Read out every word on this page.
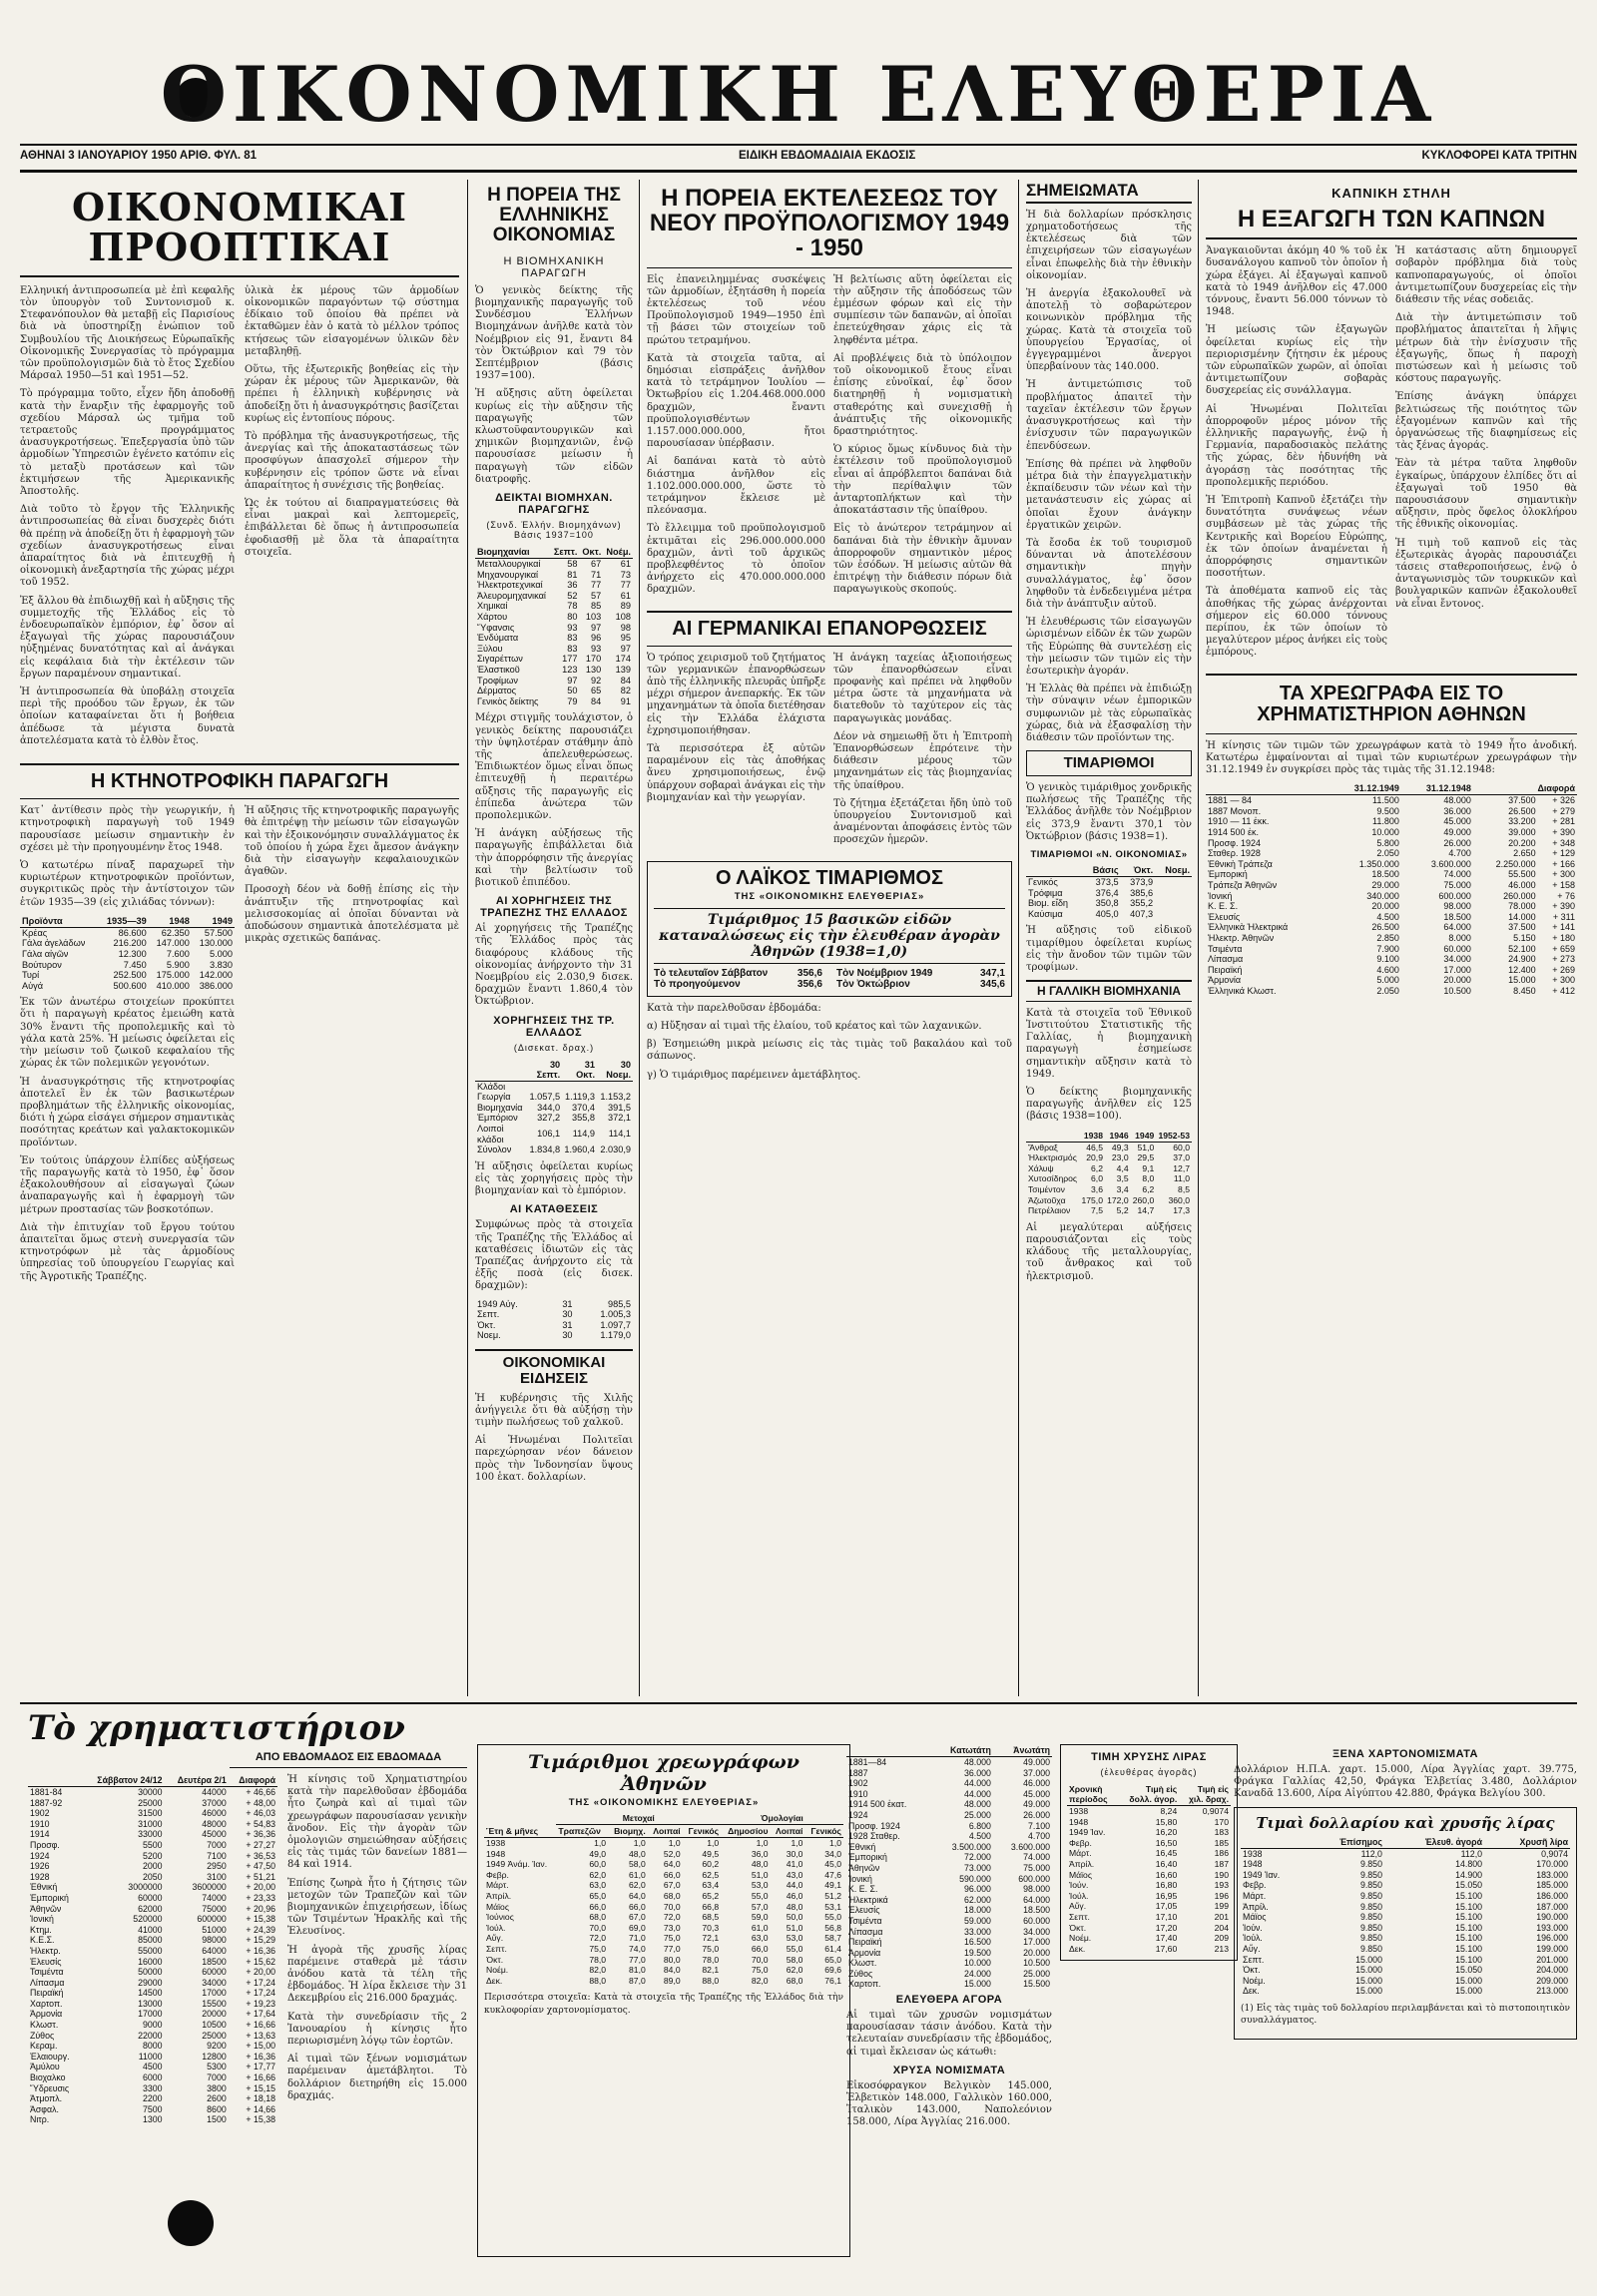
ΟΙΚΟΝΟΜΙΚΗ ΕΛΕΥΘΕΡΙΑ
ΑΘΗΝΑΙ 3 ΙΑΝΟΥΑΡΙΟΥ 1950 ΑΡΙΘ. ΦΥΛ. 81	ΕΙΔΙΚΗ ΕΒΔΟΜΑΔΙΑΙΑ ΕΚΔΟΣΙΣ	ΚΥΚΛΟΦΟΡΕΙ ΚΑΤΑ ΤΡΙΤΗΝ
ΟΙΚΟΝΟΜΙΚΑΙ ΠΡΟΟΠΤΙΚΑΙ

Ελληνική ἀντιπροσωπεία μὲ ἐπὶ κεφαλῆς τὸν ὑπουργὸν τοῦ Συντονισμοῦ κ. Στεφανόπουλον θὰ μεταβῇ εἰς Παρισίους διὰ νὰ ὑποστηρίξῃ ἐνώπιον τοῦ Συμβουλίου τῆς Διοικήσεως Εὐρωπαϊκῆς Οἰκονομικῆς Συνεργασίας τὸ πρόγραμμα τῶν προϋπολογισμῶν διὰ τὸ ἔτος Σχεδίου Μάρσαλ 1950—51 καὶ 1951—52.

Τὸ πρόγραμμα τοῦτο, εἶχεν ἤδη ἀποδοθῇ κατὰ τὴν ἔναρξιν τῆς ἐφαρμογῆς τοῦ σχεδίου Μάρσαλ ὡς τμῆμα τοῦ τετραετοῦς προγράμματος ἀνασυγκροτήσεως. Ἐπεξεργασία ὑπὸ τῶν ἁρμοδίων Ὑπηρεσιῶν ἐγένετο κατόπιν εἰς τὸ μεταξὺ προτάσεων καὶ τῶν ἐκτιμήσεων τῆς Ἀμερικανικῆς Ἀποστολῆς.

Διὰ τοῦτο τὸ ἔργον τῆς Ἑλληνικῆς ἀντιπροσωπείας θὰ εἶναι δυσχερὲς διότι θὰ πρέπῃ νὰ ἀποδείξῃ ὅτι ἡ ἐφαρμογὴ τῶν σχεδίων ἀνασυγκροτήσεως εἶναι ἀπαραίτητος διὰ νὰ ἐπιτευχθῇ ἡ οἰκονομικὴ ἀνεξαρτησία τῆς χώρας μέχρι τοῦ 1952.

Ἐξ ἄλλου θὰ ἐπιδιωχθῇ καὶ ἡ αὔξησις τῆς συμμετοχῆς τῆς Ἑλλάδος εἰς τὸ ἐνδοευρωπαϊκὸν ἐμπόριον, ἐφ᾿ ὅσον αἱ ἐξαγωγαὶ τῆς χώρας παρουσιάζουν ηὐξημένας δυνατότητας καὶ αἱ ἀνάγκαι εἰς κεφάλαια διὰ τὴν ἐκτέλεσιν τῶν ἔργων παραμένουν σημαντικαί.

Ἡ ἀντιπροσωπεία θὰ ὑποβάλῃ στοιχεῖα περὶ τῆς προόδου τῶν ἔργων, ἐκ τῶν ὁποίων καταφαίνεται ὅτι ἡ βοήθεια ἀπέδωσε τὰ μέγιστα δυνατὰ ἀποτελέσματα κατὰ τὸ ἐλθὸν ἔτος.

ὑλικὰ ἐκ μέρους τῶν ἀρμοδίων οἰκονομικῶν παραγόντων τῷ σύστημα ἐδίκαιο τοῦ ὁποίου θὰ πρέπει νὰ ἐκταθῶμεν ἐὰν ὁ κατὰ τὸ μέλλον τρόπος κτήσεως τῶν εἰσαγομένων ὑλικῶν δὲν μεταβληθῇ.

Οὕτω, τῆς ἐξωτερικῆς βοηθείας εἰς τὴν χώραν ἐκ μέρους τῶν Ἀμερικανῶν, θὰ πρέπει ἡ ἑλληνικὴ κυβέρνησις νὰ ἀποδείξῃ ὅτι ἡ ἀνασυγκρότησις βασίζεται κυρίως εἰς ἐντοπίους πόρους.

Τὸ πρόβλημα τῆς ἀνασυγκροτήσεως, τῆς ἀνεργίας καὶ τῆς ἀποκαταστάσεως τῶν προσφύγων ἀπασχολεῖ σήμερον τὴν κυβέρνησιν εἰς τρόπον ὥστε νὰ εἶναι ἀπαραίτητος ἡ συνέχισις τῆς βοηθείας.

Ὡς ἐκ τούτου αἱ διαπραγματεύσεις θὰ εἶναι μακραὶ καὶ λεπτομερεῖς, ἐπιβάλλεται δὲ ὅπως ἡ ἀντιπροσωπεία ἐφοδιασθῇ μὲ ὅλα τὰ ἀπαραίτητα στοιχεῖα.

Η ΚΤΗΝΟΤΡΟΦΙΚΗ ΠΑΡΑΓΩΓΗ

Κατ᾿ ἀντίθεσιν πρὸς τὴν γεωργικήν, ἡ κτηνοτροφικὴ παραγωγὴ τοῦ 1949 παρουσίασε μείωσιν σημαντικὴν ἐν σχέσει μὲ τὴν προηγουμένην ἔτος 1948.

Ὁ κατωτέρω πίναξ παραχωρεῖ τὴν κυριωτέρων κτηνοτροφικῶν προϊόντων, συγκριτικῶς πρὸς τὴν ἀντίστοιχον τῶν ἐτῶν 1935—39 (εἰς χιλιάδας τόννων):

Προϊόντα	1935—39	1948	1949
Κρέας	86.600	62.350	57.500
Γάλα ἀγελάδων	216.200	147.000	130.000
Γάλα αἰγῶν	12.300	7.600	5.000
Βούτυρον	7.450	5.900	3.830
Τυρί	252.500	175.000	142.000
Αὐγά	500.600	410.000	386.000

Ἐκ τῶν ἀνωτέρω στοιχείων προκύπτει ὅτι ἡ παραγωγὴ κρέατος ἐμειώθη κατὰ 30% ἔναντι τῆς προπολεμικῆς καὶ τὸ γάλα κατὰ 25%. Ἡ μείωσις ὀφείλεται εἰς τὴν μείωσιν τοῦ ζωικοῦ κεφαλαίου τῆς χώρας ἐκ τῶν πολεμικῶν γεγονότων.

Ἡ ἀνασυγκρότησις τῆς κτηνοτροφίας ἀποτελεῖ ἓν ἐκ τῶν βασικωτέρων προβλημάτων τῆς ἑλληνικῆς οἰκονομίας, διότι ἡ χώρα εἰσάγει σήμερον σημαντικὰς ποσότητας κρεάτων καὶ γαλακτοκομικῶν προϊόντων.

Ἐν τούτοις ὑπάρχουν ἐλπίδες αὐξήσεως τῆς παραγωγῆς κατὰ τὸ 1950, ἐφ᾿ ὅσον ἐξακολουθήσουν αἱ εἰσαγωγαὶ ζώων ἀναπαραγωγῆς καὶ ἡ ἐφαρμογὴ τῶν μέτρων προστασίας τῶν βοσκοτόπων.

Διὰ τὴν ἐπιτυχίαν τοῦ ἔργου τούτου ἀπαιτεῖται ὅμως στενὴ συνεργασία τῶν κτηνοτρόφων μὲ τὰς ἁρμοδίους ὑπηρεσίας τοῦ ὑπουργείου Γεωργίας καὶ τῆς Ἀγροτικῆς Τραπέζης.

Ἡ αὔξησις τῆς κτηνοτροφικῆς παραγωγῆς θὰ ἐπιτρέψῃ τὴν μείωσιν τῶν εἰσαγωγῶν καὶ τὴν ἐξοικονόμησιν συναλλάγματος ἐκ τοῦ ὁποίου ἡ χώρα ἔχει ἄμεσον ἀνάγκην διὰ τὴν εἰσαγωγὴν κεφαλαιουχικῶν ἀγαθῶν.

Προσοχὴ δέον νὰ δοθῇ ἐπίσης εἰς τὴν ἀνάπτυξιν τῆς πτηνοτροφίας καὶ μελισσοκομίας αἱ ὁποῖαι δύνανται νὰ ἀποδώσουν σημαντικὰ ἀποτελέσματα μὲ μικρὰς σχετικῶς δαπάνας.

Η ΠΟΡΕΙΑ ΤΗΣ ΕΛΛΗΝΙΚΗΣ ΟΙΚΟΝΟΜΙΑΣ
Η ΒΙΟΜΗΧΑΝΙΚΗ ΠΑΡΑΓΩΓΗ

Ὁ γενικὸς δείκτης τῆς βιομηχανικῆς παραγωγῆς τοῦ Συνδέσμου Ἑλλήνων Βιομηχάνων ἀνῆλθε κατὰ τὸν Νοέμβριον εἰς 91, ἔναντι 84 τὸν Ὀκτώβριον καὶ 79 τὸν Σεπτέμβριον (βάσις 1937=100).

Ἡ αὔξησις αὕτη ὀφείλεται κυρίως εἰς τὴν αὔξησιν τῆς παραγωγῆς τῶν κλωστοϋφαντουργικῶν καὶ χημικῶν βιομηχανιῶν, ἐνῷ παρουσίασε μείωσιν ἡ παραγωγὴ τῶν εἰδῶν διατροφῆς.

ΔΕΙΚΤΑΙ ΒΙΟΜΗΧΑΝ. ΠΑΡΑΓΩΓΗΣ
(Συνδ. Ἑλλήν. Βιομηχάνων) Βάσις 1937=100
Βιομηχανίαι	Σεπτ.	Οκτ.	Νοέμ.
Μεταλλουργικαί	58	67	61
Μηχανουργικαί	81	71	73
Ἠλεκτροτεχνικαί	36	77	77
Ἀλευρομηχανικαί	52	57	61
Χημικαί	78	85	89
Χάρτου	80	103	108
Ὕφανσις	93	97	98
Ἐνδύματα	83	96	95
Ξύλου	83	93	97
Σιγαρέττων	177	170	174
Ἐλαστικοῦ	123	130	139
Τροφίμων	97	92	84
Δέρματος	50	65	82
Γενικὸς δείκτης	79	84	91

Μέχρι στιγμῆς τουλάχιστον, ὁ γενικὸς δείκτης παρουσιάζει τὴν ὑψηλοτέραν στάθμην ἀπὸ τῆς ἀπελευθερώσεως. Ἐπιδιωκτέον ὅμως εἶναι ὅπως ἐπιτευχθῇ ἡ περαιτέρω αὔξησις τῆς παραγωγῆς εἰς ἐπίπεδα ἀνώτερα τῶν προπολεμικῶν.

Ἡ ἀνάγκη αὐξήσεως τῆς παραγωγῆς ἐπιβάλλεται διὰ τὴν ἀπορρόφησιν τῆς ἀνεργίας καὶ τὴν βελτίωσιν τοῦ βιοτικοῦ ἐπιπέδου.

ΑΙ ΧΟΡΗΓΗΣΕΙΣ ΤΗΣ ΤΡΑΠΕΖΗΣ ΤΗΣ ΕΛΛΑΔΟΣ

Αἱ χορηγήσεις τῆς Τραπέζης τῆς Ἑλλάδος πρὸς τὰς διαφόρους κλάδους τῆς οἰκονομίας ἀνήρχοντο τὴν 31 Νοεμβρίου εἰς 2.030,9 δισεκ. δραχμῶν ἔναντι 1.860,4 τὸν Ὀκτώβριον.

ΧΟΡΗΓΗΣΕΙΣ ΤΗΣ ΤΡ. ΕΛΛΑΔΟΣ
(Δισεκατ. δραχ.)
	30 Σεπτ.	31 Οκτ.	30 Νοεμ.
Κλάδοι			
Γεωργία	1.057,5	1.119,3	1.153,2
Βιομηχανία	344,0	370,4	391,5
Ἐμπόριον	327,2	355,8	372,1
Λοιποὶ κλάδοι	106,1	114,9	114,1
Σύνολον	1.834,8	1.960,4	2.030,9

Ἡ αὔξησις ὀφείλεται κυρίως εἰς τὰς χορηγήσεις πρὸς τὴν βιομηχανίαν καὶ τὸ ἐμπόριον.

ΑΙ ΚΑΤΑΘΕΣΕΙΣ

Συμφώνως πρὸς τὰ στοιχεῖα τῆς Τραπέζης τῆς Ἑλλάδος αἱ καταθέσεις ἰδιωτῶν εἰς τὰς Τραπέζας ἀνήρχοντο εἰς τὰ ἑξῆς ποσὰ (εἰς δισεκ. δραχμῶν):

1949 Αὐγ.	31	985,5
Σεπτ.	30	1.005,3
Ὀκτ.	31	1.097,7
Νοεμ.	30	1.179,0
ΟΙΚΟΝΟΜΙΚΑΙ ΕΙΔΗΣΕΙΣ

Ἡ κυβέρνησις τῆς Χιλῆς ἀνήγγειλε ὅτι θὰ αὐξήσῃ τὴν τιμὴν πωλήσεως τοῦ χαλκοῦ.

Αἱ Ἡνωμέναι Πολιτεῖαι παρεχώρησαν νέον δάνειον πρὸς τὴν Ἰνδονησίαν ὕψους 100 ἑκατ. δολλαρίων.

Η ΠΟΡΕΙΑ ΕΚΤΕΛΕΣΕΩΣ ΤΟΥ ΝΕΟΥ ΠΡΟΫΠΟΛΟΓΙΣΜΟΥ 1949 - 1950

Εἰς ἐπανειλημμένας συσκέψεις τῶν ἁρμοδίων, ἐξητάσθη ἡ πορεία ἐκτελέσεως τοῦ νέου Προϋπολογισμοῦ 1949—1950 ἐπὶ τῇ βάσει τῶν στοιχείων τοῦ πρώτου τετραμήνου.

Κατὰ τὰ στοιχεῖα ταῦτα, αἱ δημόσιαι εἰσπράξεις ἀνῆλθον κατὰ τὸ τετράμηνον Ἰουλίου — Ὀκτωβρίου εἰς 1.204.468.000.000 δραχμῶν, ἔναντι προϋπολογισθέντων 1.157.000.000.000, ἤτοι παρουσίασαν ὑπέρβασιν.

Αἱ δαπάναι κατὰ τὸ αὐτὸ διάστημα ἀνῆλθον εἰς 1.102.000.000.000, ὥστε τὸ τετράμηνον ἔκλεισε μὲ πλεόνασμα.

Τὸ ἔλλειμμα τοῦ προϋπολογισμοῦ ἐκτιμᾶται εἰς 296.000.000.000 δραχμῶν, ἀντὶ τοῦ ἀρχικῶς προβλεφθέντος τὸ ὁποῖον ἀνήρχετο εἰς 470.000.000.000 δραχμῶν.

Ἡ βελτίωσις αὕτη ὀφείλεται εἰς τὴν αὔξησιν τῆς ἀποδόσεως τῶν ἐμμέσων φόρων καὶ εἰς τὴν συμπίεσιν τῶν δαπανῶν, αἱ ὁποῖαι ἐπετεύχθησαν χάρις εἰς τὰ ληφθέντα μέτρα.

Αἱ προβλέψεις διὰ τὸ ὑπόλοιπον τοῦ οἰκονομικοῦ ἔτους εἶναι ἐπίσης εὐνοϊκαί, ἐφ᾿ ὅσον διατηρηθῇ ἡ νομισματικὴ σταθερότης καὶ συνεχισθῇ ἡ ἀνάπτυξις τῆς οἰκονομικῆς δραστηριότητος.

Ὁ κύριος ὅμως κίνδυνος διὰ τὴν ἐκτέλεσιν τοῦ προϋπολογισμοῦ εἶναι αἱ ἀπρόβλεπτοι δαπάναι διὰ τὴν περίθαλψιν τῶν ἀνταρτοπλήκτων καὶ τὴν ἀποκατάστασιν τῆς ὑπαίθρου.

Εἰς τὸ ἀνώτερον τετράμηνον αἱ δαπάναι διὰ τὴν ἐθνικὴν ἄμυναν ἀπορροφοῦν σημαντικὸν μέρος τῶν ἐσόδων. Ἡ μείωσις αὐτῶν θὰ ἐπιτρέψῃ τὴν διάθεσιν πόρων διὰ παραγωγικοὺς σκοπούς.

ΑΙ ΓΕΡΜΑΝΙΚΑΙ ΕΠΑΝΟΡΘΩΣΕΙΣ

Ὁ τρόπος χειρισμοῦ τοῦ ζητήματος τῶν γερμανικῶν ἐπανορθώσεων ἀπὸ τῆς ἑλληνικῆς πλευρᾶς ὑπῆρξε μέχρι σήμερον ἀνεπαρκής. Ἐκ τῶν μηχανημάτων τὰ ὁποῖα διετέθησαν εἰς τὴν Ἑλλάδα ἐλάχιστα ἐχρησιμοποιήθησαν.

Τὰ περισσότερα ἐξ αὐτῶν παραμένουν εἰς τὰς ἀποθήκας ἄνευ χρησιμοποιήσεως, ἐνῷ ὑπάρχουν σοβαραὶ ἀνάγκαι εἰς τὴν βιομηχανίαν καὶ τὴν γεωργίαν.

Ἡ ἀνάγκη ταχείας ἀξιοποιήσεως τῶν ἐπανορθώσεων εἶναι προφανὴς καὶ πρέπει νὰ ληφθοῦν μέτρα ὥστε τὰ μηχανήματα νὰ διατεθοῦν τὸ ταχύτερον εἰς τὰς παραγωγικὰς μονάδας.

Δέον νὰ σημειωθῇ ὅτι ἡ Ἐπιτροπὴ Ἐπανορθώσεων ἐπρότεινε τὴν διάθεσιν μέρους τῶν μηχανημάτων εἰς τὰς βιομηχανίας τῆς ὑπαίθρου.

Τὸ ζήτημα ἐξετάζεται ἤδη ὑπὸ τοῦ ὑπουργείου Συντονισμοῦ καὶ ἀναμένονται ἀποφάσεις ἐντὸς τῶν προσεχῶν ἡμερῶν.

Ο ΛΑΪΚΟΣ ΤΙΜΑΡΙΘΜΟΣ
ΤΗΣ «ΟΙΚΟΝΟΜΙΚΗΣ ΕΛΕΥΘΕΡΙΑΣ»
Τιμάριθμος 15 βασικῶν εἰδῶν καταναλώσεως εἰς τὴν ἐλευθέραν ἀγορὰν Ἀθηνῶν (1938=1,0)
Τὸ τελευταῖον Σάββατον	356,6
Τὸ προηγούμενον	356,6
Τὸν Νοέμβριον 1949	347,1
Τὸν Ὀκτώβριον	345,6

Κατὰ τὴν παρελθοῦσαν ἑβδομάδα:

α) Ηὔξησαν αἱ τιμαὶ τῆς ἐλαίου, τοῦ κρέατος καὶ τῶν λαχανικῶν.

β) Ἐσημειώθη μικρὰ μείωσις εἰς τὰς τιμὰς τοῦ βακαλάου καὶ τοῦ σάπωνος.

γ) Ὁ τιμάριθμος παρέμεινεν ἀμετάβλητος.

ΣΗΜΕΙΩΜΑΤΑ

Ἡ διὰ δολλαρίων πρόσκλησις χρηματοδοτήσεως τῆς ἐκτελέσεως διὰ τῶν ἐπιχειρήσεων τῶν εἰσαγωγέων εἶναι ἐπωφελὴς διὰ τὴν ἐθνικὴν οἰκονομίαν.

Ἡ ἀνεργία ἐξακολουθεῖ νὰ ἀποτελῇ τὸ σοβαρώτερον κοινωνικὸν πρόβλημα τῆς χώρας. Κατὰ τὰ στοιχεῖα τοῦ ὑπουργείου Ἐργασίας, οἱ ἐγγεγραμμένοι ἄνεργοι ὑπερβαίνουν τὰς 140.000.

Ἡ ἀντιμετώπισις τοῦ προβλήματος ἀπαιτεῖ τὴν ταχεῖαν ἐκτέλεσιν τῶν ἔργων ἀνασυγκροτήσεως καὶ τὴν ἐνίσχυσιν τῶν παραγωγικῶν ἐπενδύσεων.

Ἐπίσης θὰ πρέπει νὰ ληφθοῦν μέτρα διὰ τὴν ἐπαγγελματικὴν ἐκπαίδευσιν τῶν νέων καὶ τὴν μετανάστευσιν εἰς χώρας αἱ ὁποῖαι ἔχουν ἀνάγκην ἐργατικῶν χειρῶν.

Τὰ ἔσοδα ἐκ τοῦ τουρισμοῦ δύνανται νὰ ἀποτελέσουν σημαντικὴν πηγὴν συναλλάγματος, ἐφ᾿ ὅσον ληφθοῦν τὰ ἐνδεδειγμένα μέτρα διὰ τὴν ἀνάπτυξιν αὐτοῦ.

Ἡ ἐλευθέρωσις τῶν εἰσαγωγῶν ὡρισμένων εἰδῶν ἐκ τῶν χωρῶν τῆς Εὐρώπης θὰ συντελέσῃ εἰς τὴν μείωσιν τῶν τιμῶν εἰς τὴν ἐσωτερικὴν ἀγοράν.

Ἡ Ἑλλὰς θὰ πρέπει νὰ ἐπιδιώξῃ τὴν σύναψιν νέων ἐμπορικῶν συμφωνιῶν μὲ τὰς εὐρωπαϊκὰς χώρας, διὰ νὰ ἐξασφαλίσῃ τὴν διάθεσιν τῶν προϊόντων της.

ΤΙΜΑΡΙΘΜΟΙ

Ὁ γενικὸς τιμάριθμος χονδρικῆς πωλήσεως τῆς Τραπέζης τῆς Ἑλλάδος ἀνῆλθε τὸν Νοέμβριον εἰς 373,9 ἔναντι 370,1 τὸν Ὀκτώβριον (βάσις 1938=1).

ΤΙΜΑΡΙΘΜΟΙ «Ν. ΟΙΚΟΝΟΜΙΑΣ»
	Βάσις	Ὀκτ.	Νοεμ.
Γενικός	373,5	373,9	
Τρόφιμα	376,4	385,6	
Βιομ. εἴδη	350,8	355,2	
Καύσιμα	405,0	407,3	

Ἡ αὔξησις τοῦ εἰδικοῦ τιμαρίθμου ὀφείλεται κυρίως εἰς τὴν ἄνοδον τῶν τιμῶν τῶν τροφίμων.

Η ΓΑΛΛΙΚΗ ΒΙΟΜΗΧΑΝΙΑ

Κατὰ τὰ στοιχεῖα τοῦ Ἐθνικοῦ Ἰνστιτούτου Στατιστικῆς τῆς Γαλλίας, ἡ βιομηχανικὴ παραγωγὴ ἐσημείωσε σημαντικὴν αὔξησιν κατὰ τὸ 1949.

Ὁ δείκτης βιομηχανικῆς παραγωγῆς ἀνῆλθεν εἰς 125 (βάσις 1938=100).

	1938	1946	1949	1952-53
Ἄνθραξ	46,5	49,3	51,0	60,0
Ἠλεκτρισμός	20,9	23,0	29,5	37,0
Χάλυψ	6,2	4,4	9,1	12,7
Χυτοσίδηρος	6,0	3,5	8,0	11,0
Τσιμέντον	3,6	3,4	6,2	8,5
Ἀζωτοῦχα	175,0	172,0	260,0	360,0
Πετρέλαιον	7,5	5,2	14,7	17,3

Αἱ μεγαλύτεραι αὐξήσεις παρουσιάζονται εἰς τοὺς κλάδους τῆς μεταλλουργίας, τοῦ ἄνθρακος καὶ τοῦ ἠλεκτρισμοῦ.

ΚΑΠΝΙΚΗ ΣΤΗΛΗ
Η ΕΞΑΓΩΓΗ ΤΩΝ ΚΑΠΝΩΝ

Ἀναγκαιοῦνται ἀκόμη 40 % τοῦ ἐκ δυσανάλογου καπνοῦ τὸν ὁποῖον ἡ χώρα ἐξάγει. Αἱ ἐξαγωγαὶ καπνοῦ κατὰ τὸ 1949 ἀνῆλθον εἰς 47.000 τόννους, ἔναντι 56.000 τόννων τὸ 1948.

Ἡ μείωσις τῶν ἐξαγωγῶν ὀφείλεται κυρίως εἰς τὴν περιορισμένην ζήτησιν ἐκ μέρους τῶν εὐρωπαϊκῶν χωρῶν, αἱ ὁποῖαι ἀντιμετωπίζουν σοβαρὰς δυσχερείας εἰς συνάλλαγμα.

Αἱ Ἡνωμέναι Πολιτεῖαι ἀπορροφοῦν μέρος μόνον τῆς ἑλληνικῆς παραγωγῆς, ἐνῷ ἡ Γερμανία, παραδοσιακὸς πελάτης τῆς χώρας, δὲν ἠδυνήθη νὰ ἀγοράσῃ τὰς ποσότητας τῆς προπολεμικῆς περιόδου.

Ἡ Ἐπιτροπὴ Καπνοῦ ἐξετάζει τὴν δυνατότητα συνάψεως νέων συμβάσεων μὲ τὰς χώρας τῆς Κεντρικῆς καὶ Βορείου Εὐρώπης, ἐκ τῶν ὁποίων ἀναμένεται ἡ ἀπορρόφησις σημαντικῶν ποσοτήτων.

Τὰ ἀποθέματα καπνοῦ εἰς τὰς ἀποθήκας τῆς χώρας ἀνέρχονται σήμερον εἰς 60.000 τόννους περίπου, ἐκ τῶν ὁποίων τὸ μεγαλύτερον μέρος ἀνήκει εἰς τοὺς ἐμπόρους.

Ἡ κατάστασις αὕτη δημιουργεῖ σοβαρὸν πρόβλημα διὰ τοὺς καπνοπαραγωγούς, οἱ ὁποῖοι ἀντιμετωπίζουν δυσχερείας εἰς τὴν διάθεσιν τῆς νέας σοδειᾶς.

Διὰ τὴν ἀντιμετώπισιν τοῦ προβλήματος ἀπαιτεῖται ἡ λῆψις μέτρων διὰ τὴν ἐνίσχυσιν τῆς ἐξαγωγῆς, ὅπως ἡ παροχὴ πιστώσεων καὶ ἡ μείωσις τοῦ κόστους παραγωγῆς.

Ἐπίσης ἀνάγκη ὑπάρχει βελτιώσεως τῆς ποιότητος τῶν ἐξαγομένων καπνῶν καὶ τῆς ὀργανώσεως τῆς διαφημίσεως εἰς τὰς ξένας ἀγοράς.

Ἐὰν τὰ μέτρα ταῦτα ληφθοῦν ἐγκαίρως, ὑπάρχουν ἐλπίδες ὅτι αἱ ἐξαγωγαὶ τοῦ 1950 θὰ παρουσιάσουν σημαντικὴν αὔξησιν, πρὸς ὄφελος ὁλοκλήρου τῆς ἐθνικῆς οἰκονομίας.

Ἡ τιμὴ τοῦ καπνοῦ εἰς τὰς ἐξωτερικὰς ἀγορὰς παρουσιάζει τάσεις σταθεροποιήσεως, ἐνῷ ὁ ἀνταγωνισμὸς τῶν τουρκικῶν καὶ βουλγαρικῶν καπνῶν ἐξακολουθεῖ νὰ εἶναι ἔντονος.

ΤΑ ΧΡΕΩΓΡΑΦΑ ΕΙΣ ΤΟ ΧΡΗΜΑΤΙΣΤΗΡΙΟΝ ΑΘΗΝΩΝ

Ἡ κίνησις τῶν τιμῶν τῶν χρεωγράφων κατὰ τὸ 1949 ἦτο ἀνοδική. Κατωτέρω ἐμφαίνονται αἱ τιμαὶ τῶν κυριωτέρων χρεωγράφων τὴν 31.12.1949 ἐν συγκρίσει πρὸς τὰς τιμὰς τῆς 31.12.1948:

	31.12.1949	31.12.1948	Διαφορά	
1881 — 84	11.500	48.000	37.500	+ 326
1887 Μονοπ.	9.500	36.000	26.500	+ 279
1910 — 11 ἐκκ.	11.800	45.000	33.200	+ 281
1914 500 ἐκ.	10.000	49.000	39.000	+ 390
Προσφ. 1924	5.800	26.000	20.200	+ 348
Σταθερ. 1928	2.050	4.700	2.650	+ 129
Ἐθνικὴ Τράπεζα	1.350.000	3.600.000	2.250.000	+ 166
Ἐμπορική	18.500	74.000	55.500	+ 300
Τράπεζα Ἀθηνῶν	29.000	75.000	46.000	+ 158
Ἰονική	340.000	600.000	260.000	+ 76
Κ. Ε. Σ.	20.000	98.000	78.000	+ 390
Ἐλευσίς	4.500	18.500	14.000	+ 311
Ἐλληνικὰ Ἡλεκτρικά	26.500	64.000	37.500	+ 141
Ἠλεκτρ. Ἀθηνῶν	2.850	8.000	5.150	+ 180
Τσιμέντα	7.900	60.000	52.100	+ 659
Λίπασμα	9.100	34.000	24.900	+ 273
Πειραϊκή	4.600	17.000	12.400	+ 269
Ἁρμονία	5.000	20.000	15.000	+ 300
Ἐλληνικά Κλωστ.	2.050	10.500	8.450	+ 412
Τὸ χρηματιστήριον
ΑΠΟ ΕΒΔΟΜΑΔΟΣ ΕΙΣ ΕΒΔΟΜΑΔΑ
	Σάββατον 24/12	Δευτέρα 2/1	Διαφορά
1881-84	30000	44000	+ 46,66
1887-92	25000	37000	+ 48,00
1902	31500	46000	+ 46,03
1910	31000	48000	+ 54,83
1914	33000	45000	+ 36,36
Προσφ.	5500	7000	+ 27,27
1924	5200	7100	+ 36,53
1926	2000	2950	+ 47,50
1928	2050	3100	+ 51,21
Ἐθνική	3000000	3600000	+ 20,00
Ἐμπορική	60000	74000	+ 23,33
Ἀθηνῶν	62000	75000	+ 20,96
Ἰονική	520000	600000	+ 15,38
Κτημ.	41000	51000	+ 24,39
Κ.Ε.Σ.	85000	98000	+ 15,29
Ἡλεκτρ.	55000	64000	+ 16,36
Ἐλευσίς	16000	18500	+ 15,62
Τσιμέντα	50000	60000	+ 20,00
Λίπασμα	29000	34000	+ 17,24
Πειραϊκή	14500	17000	+ 17,24
Χαρτοπ.	13000	15500	+ 19,23
Ἁρμονία	17000	20000	+ 17,64
Κλωστ.	9000	10500	+ 16,66
Ζύθος	22000	25000	+ 13,63
Κεραμ.	8000	9200	+ 15,00
Ἐλαιουργ.	11000	12800	+ 16,36
Ἀμύλου	4500	5300	+ 17,77
Βιοχαλκο	6000	7000	+ 16,66
Ὕδρευσις	3300	3800	+ 15,15
Ἀτμοπλ.	2200	2600	+ 18,18
Ἀσφαλ.	7500	8600	+ 14,66
Νιτρ.	1300	1500	+ 15,38

Ἡ κίνησις τοῦ Χρηματιστηρίου κατὰ τὴν παρελθοῦσαν ἑβδομάδα ἦτο ζωηρὰ καὶ αἱ τιμαὶ τῶν χρεωγράφων παρουσίασαν γενικὴν ἄνοδον. Εἰς τὴν ἀγορὰν τῶν ὁμολογιῶν σημειώθησαν αὐξήσεις εἰς τὰς τιμάς τῶν δανείων 1881—84 καὶ 1914.

Ἐπίσης ζωηρὰ ἦτο ἡ ζήτησις τῶν μετοχῶν τῶν Τραπεζῶν καὶ τῶν βιομηχανικῶν ἐπιχειρήσεων, ἰδίως τῶν Τσιμέντων Ἡρακλῆς καὶ τῆς Ἐλευσίνος.

Ἡ ἀγορὰ τῆς χρυσῆς λίρας παρέμεινε σταθερὰ μὲ τάσιν ἀνόδου κατὰ τὰ τέλη τῆς ἑβδομάδος. Ἡ λίρα ἔκλεισε τὴν 31 Δεκεμβρίου εἰς 216.000 δραχμάς.

Κατὰ τὴν συνεδρίασιν τῆς 2 Ἰανουαρίου ἡ κίνησις ἦτο περιωρισμένη λόγῳ τῶν ἑορτῶν.

Αἱ τιμαὶ τῶν ξένων νομισμάτων παρέμειναν ἀμετάβλητοι. Τὸ δολλάριον διετηρήθη εἰς 15.000 δραχμάς.

Τιμάριθμοι χρεωγράφων Ἀθηνῶν
ΤΗΣ «ΟΙΚΟΝΟΜΙΚΗΣ ΕΛΕΥΘΕΡΙΑΣ»
Ἔτη & μῆνες	Μετοχαί				Ὁμολογίαι		
	Τραπεζῶν	Βιομηχ.	Λοιπαί	Γενικός	Δημοσίου	Λοιπαί	Γενικός
1938	1,0	1,0	1,0	1,0	1,0	1,0	1,0
1948	49,0	48,0	52,0	49,5	36,0	30,0	34,0
1949 Ἀνάμ. Ἰαν.	60,0	58,0	64,0	60,2	48,0	41,0	45,0
Φεβρ.	62,0	61,0	66,0	62,5	51,0	43,0	47,6
Μάρτ.	63,0	62,0	67,0	63,4	53,0	44,0	49,1
Ἀπρίλ.	65,0	64,0	68,0	65,2	55,0	46,0	51,2
Μάϊος	66,0	66,0	70,0	66,8	57,0	48,0	53,1
Ἰούνιος	68,0	67,0	72,0	68,5	59,0	50,0	55,0
Ἰούλ.	70,0	69,0	73,0	70,3	61,0	51,0	56,8
Αὔγ.	72,0	71,0	75,0	72,1	63,0	53,0	58,7
Σεπτ.	75,0	74,0	77,0	75,0	66,0	55,0	61,4
Ὀκτ.	78,0	77,0	80,0	78,0	70,0	58,0	65,0
Νοέμ.	82,0	81,0	84,0	82,1	75,0	62,0	69,6
Δεκ.	88,0	87,0	89,0	88,0	82,0	68,0	76,1

Περισσότερα στοιχεῖα: Κατὰ τὰ στοιχεῖα τῆς Τραπέζης τῆς Ἑλλάδος διὰ τὴν κυκλοφορίαν χαρτονομίσματος.

	Κατωτάτη	Ἀνωτάτη
1881—84	48.000	49.000
1887	36.000	37.000
1902	44.000	46.000
1910	44.000	45.000
1914 500 ἑκατ.	48.000	49.000
1924	25.000	26.000
Προσφ. 1924	6.800	7.100
1928 Σταθερ.	4.500	4.700
Ἐθνική	3.500.000	3.600.000
Ἐμπορική	72.000	74.000
Ἀθηνῶν	73.000	75.000
Ἰονική	590.000	600.000
Κ. Ε. Σ.	96.000	98.000
Ἡλεκτρικά	62.000	64.000
Ἐλευσίς	18.000	18.500
Τσιμέντα	59.000	60.000
Λίπασμα	33.000	34.000
Πειραϊκή	16.500	17.000
Ἁρμονία	19.500	20.000
Κλωστ.	10.000	10.500
Ζύθος	24.000	25.000
Χαρτοπ.	15.000	15.500
ΕΛΕΥΘΕΡΑ ΑΓΟΡΑ

Αἱ τιμαὶ τῶν χρυσῶν νομισμάτων παρουσίασαν τάσιν ἀνόδου. Κατὰ τὴν τελευταίαν συνεδρίασιν τῆς ἑβδομάδος, αἱ τιμαὶ ἔκλεισαν ὡς κάτωθι:

ΧΡΥΣΑ ΝΟΜΙΣΜΑΤΑ

Εἰκοσόφραγκον Βελγικὸν 145.000, Ἑλβετικὸν 148.000, Γαλλικὸν 160.000, Ἰταλικὸν 143.000, Ναπολεόνιον 158.000, Λίρα Ἀγγλίας 216.000.

ΤΙΜΗ ΧΡΥΣΗΣ ΛΙΡΑΣ
(ἐλευθέρας ἀγορᾶς)
Χρονικὴ περίοδος	Τιμὴ εἰς δολλ. ἀγορ.	Τιμὴ εἰς χιλ. δραχ.
1938	8,24	0,9074
1948	15,80	170
1949 Ἰαν.	16,20	183
Φεβρ.	16,50	185
Μάρτ.	16,45	186
Ἀπρίλ.	16,40	187
Μάϊος	16,60	190
Ἰούν.	16,80	193
Ἰούλ.	16,95	196
Αὔγ.	17,05	199
Σεπτ.	17,10	201
Ὀκτ.	17,20	204
Νοέμ.	17,40	209
Δεκ.	17,60	213
ΞΕΝΑ ΧΑΡΤΟΝΟΜΙΣΜΑΤΑ

Δολλάριον Η.Π.Α. χαρτ. 15.000, Λίρα Ἀγγλίας χαρτ. 39.775, Φράγκα Γαλλίας 42,50, Φράγκα Ἑλβετίας 3.480, Δολλάριον Καναδᾶ 13.600, Λίρα Αἰγύπτου 42.880, Φράγκα Βελγίου 300.

Τιμαὶ δολλαρίου καὶ χρυσῆς λίρας
	Ἐπίσημος	Ἐλευθ. ἀγορά	Χρυσῆ λίρα
1938	112,0	112,0	0,9074
1948	9.850	14.800	170.000
1949 Ἰαν.	9.850	14.900	183.000
Φεβρ.	9.850	15.050	185.000
Μάρτ.	9.850	15.100	186.000
Ἀπρίλ.	9.850	15.100	187.000
Μάϊος	9.850	15.100	190.000
Ἰούν.	9.850	15.100	193.000
Ἰούλ.	9.850	15.100	196.000
Αὔγ.	9.850	15.100	199.000
Σεπτ.	15.000	15.100	201.000
Ὀκτ.	15.000	15.050	204.000
Νοέμ.	15.000	15.000	209.000
Δεκ.	15.000	15.000	213.000

(1) Εἰς τὰς τιμὰς τοῦ δολλαρίου περιλαμβάνεται καὶ τὸ πιστοποιητικὸν συναλλάγματος.
